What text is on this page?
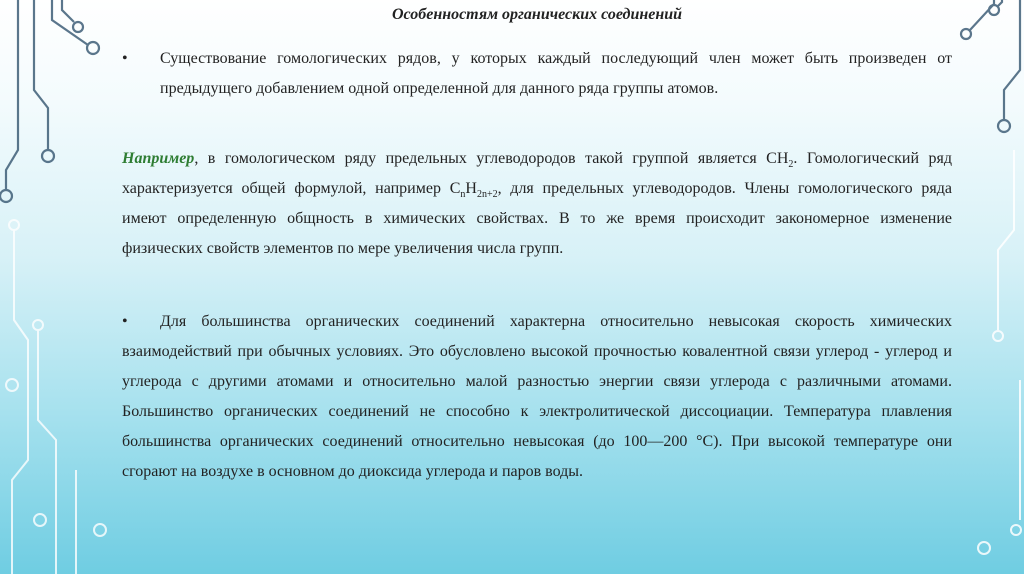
Особенностям органических соединений
• Существование гомологических рядов, у которых каждый последующий член может быть произведен от предыдущего добавлением одной определенной для данного ряда группы атомов.
Например, в гомологическом ряду предельных углеводородов такой группой является $CH_2$. Гомологический ряд характеризуется общей формулой, например $C_nH_{2n+2}$, для предельных углеводородов. Члены гомологического ряда имеют определенную общность в химических свойствах. В то же время происходит закономерное изменение физических свойств элементов по мере увеличения числа групп.
•	Для большинства органических соединений характерна относительно невысокая скорость химических взаимодействий при обычных условиях. Это обусловлено высокой прочностью ковалентной связи углерод - углерод и углерода с другими атомами и относительно малой разностью энергии связи углерода с различными атомами. Большинство органических соединений не способно к электролитической диссоциации. Температура плавления большинства органических соединений относительно невысокая (до 100—200 °С). При высокой температуре они сгорают на воздухе в основном до диоксида углерода и паров воды.
